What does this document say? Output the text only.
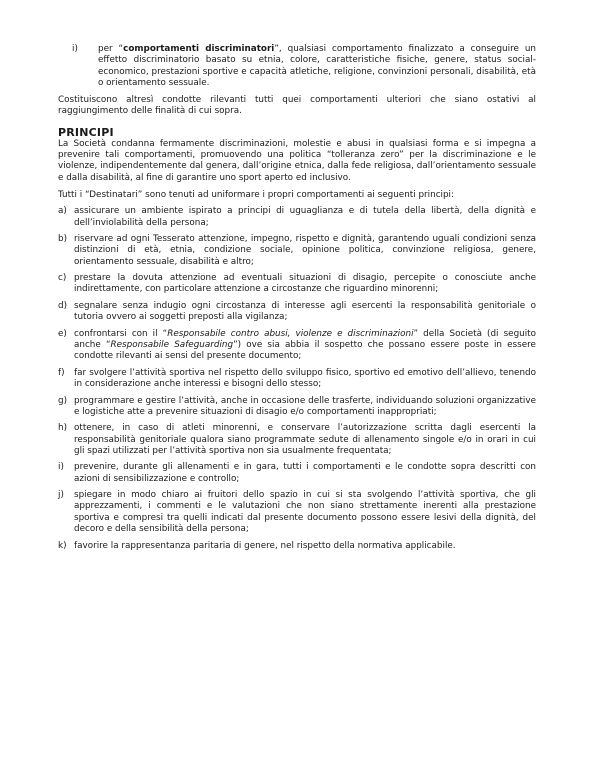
i)	per “comportamenti discriminatori”, qualsiasi comportamento finalizzato a conseguire un effetto discriminatorio basato su etnia, colore, caratteristiche fisiche, genere, status social-economico, prestazioni sportive e capacità atletiche, religione, convinzioni personali, disabilità, età o orientamento sessuale.

Costituiscono altresì condotte rilevanti tutti quei comportamenti ulteriori che siano ostativi al raggiungimento delle finalità di cui sopra.

PRINCIPI

La Società condanna fermamente discriminazioni, molestie e abusi in qualsiasi forma e si impegna a prevenire tali comportamenti, promuovendo una politica “tolleranza zero” per la discriminazione e le violenze, indipendentemente dal genera, dall’origine etnica, dalla fede religiosa, dall’orientamento sessuale e dalla disabilità, al fine di garantire uno sport aperto ed inclusivo.

Tutti i “Destinatari” sono tenuti ad uniformare i propri comportamenti ai seguenti principi:

a) assicurare un ambiente ispirato a principi di uguaglianza e di tutela della libertà, della dignità e dell’inviolabilità della persona;
b) riservare ad ogni Tesserato attenzione, impegno, rispetto e dignità, garantendo uguali condizioni senza distinzioni di età, etnia, condizione sociale, opinione politica, convinzione religiosa, genere, orientamento sessuale, disabilità e altro;
c) prestare la dovuta attenzione ad eventuali situazioni di disagio, percepite o conosciute anche indirettamente, con particolare attenzione a circostanze che riguardino minorenni;
d) segnalare senza indugio ogni circostanza di interesse agli esercenti la responsabilità genitoriale o tutoria ovvero ai soggetti preposti alla vigilanza;
e) confrontarsi con il “Responsabile contro abusi, violenze e discriminazioni” della Società (di seguito anche “Responsabile Safeguarding”) ove sia abbia il sospetto che possano essere poste in essere condotte rilevanti ai sensi del presente documento;
f)	far svolgere l’attività sportiva nel rispetto dello sviluppo fisico, sportivo ed emotivo dell’allievo, tenendo in considerazione anche interessi e bisogni dello stesso;
g) programmare e gestire l’attività, anche in occasione delle trasferte, individuando soluzioni organizzative e logistiche atte a prevenire situazioni di disagio e/o comportamenti inappropriati;
h) ottenere, in caso di atleti minorenni, e conservare l’autorizzazione scritta dagli esercenti la responsabilità genitoriale qualora siano programmate sedute di allenamento singole e/o in orari in cui gli spazi utilizzati per l’attività sportiva non sia usualmente frequentata;
i)	prevenire, durante gli allenamenti e in gara, tutti i comportamenti e le condotte sopra descritti con azioni di sensibilizzazione e controllo;
j)	spiegare in modo chiaro ai fruitori dello spazio in cui si sta svolgendo l’attività sportiva, che gli apprezzamenti, i commenti e le valutazioni che non siano strettamente inerenti alla prestazione sportiva e compresi tra quelli indicati dal presente documento possono essere lesivi della dignità, del decoro e della sensibilità della persona;
k) favorire la rappresentanza paritaria di genere, nel rispetto della normativa applicabile.
